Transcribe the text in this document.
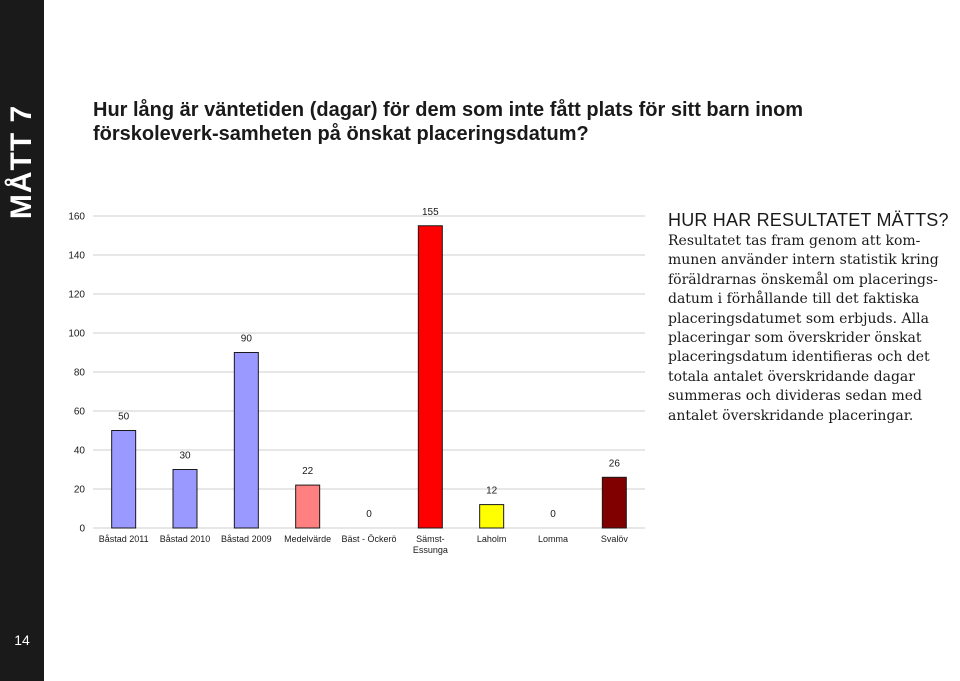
MÅTT 7
14
Hur lång är väntetiden (dagar) för dem som inte fått plats för sitt barn inom förskoleverk-samheten på önskat placeringsdatum?
0
20
40
60
80
100
120
140
160
50
30
90
22
0
155
12
0
26
Båstad 2011 Båstad 2010 Båstad 2009 Medelvärde Bäst - Öckerö	Sämst-Essunga
Laholm	Lomma	Svalöv
HUR HAR RESULTATET MÄTTS?

Resultatet tas fram genom att kom-munen använder intern statistik kring föräldrarnas önskemål om placerings-datum i förhållande till det faktiska placeringsdatumet som erbjuds. Alla placeringar som överskrider önskat placeringsdatum identifieras och det totala antalet överskridande dagar summeras och divideras sedan med antalet överskridande placeringar.
